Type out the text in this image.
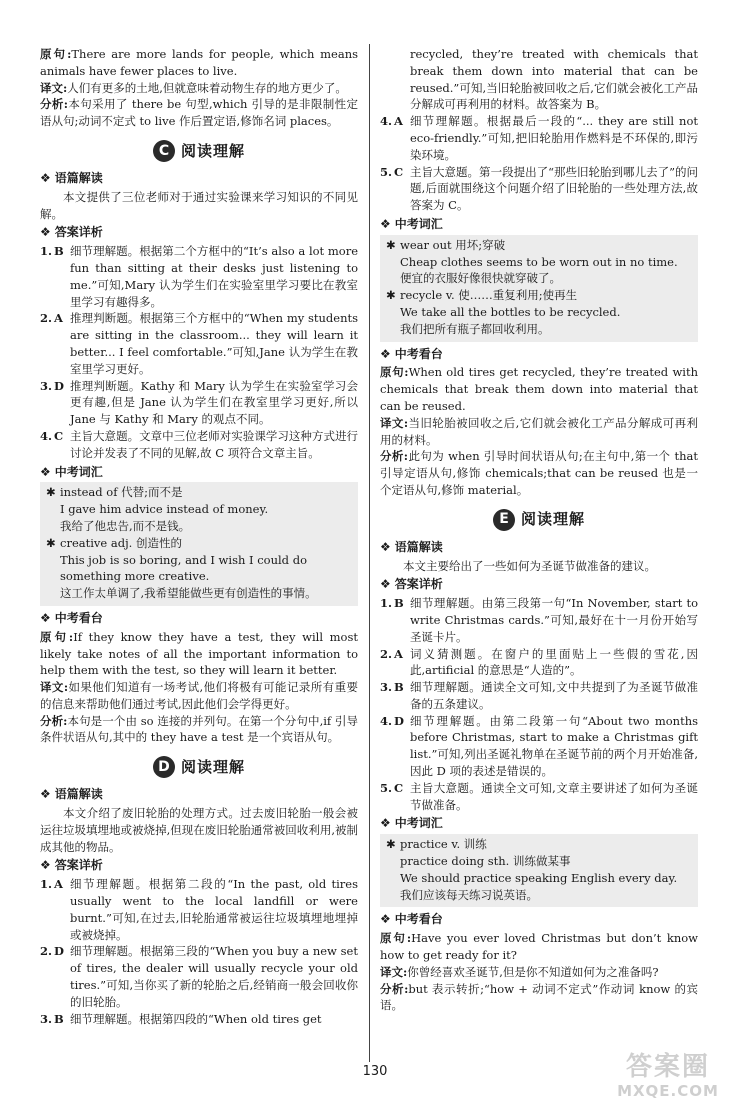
原句:There are more lands for people, which means animals have fewer places to live.

译文:人们有更多的土地,但就意味着动物生存的地方更少了。

分析:本句采用了 there be 句型,which 引导的是非限制性定语从句;动词不定式 to live 作后置定语,修饰名词 places。

C 阅读理解
❖ 语篇解读

本文提供了三位老师对于通过实验课来学习知识的不同见解。

❖ 答案详析
1. B 细节理解题。根据第二个方框中的“It’s also a lot more fun than sitting at their desks just listening to me.”可知,Mary 认为学生们在实验室里学习要比在教室里学习有趣得多。
2. A 推理判断题。根据第三个方框中的“When my students are sitting in the classroom... they will learn it better... I feel comfortable.”可知,Jane 认为学生在教室里学习更好。
3. D 推理判断题。Kathy 和 Mary 认为学生在实验室学习会更有趣,但是 Jane 认为学生们在教室里学习更好,所以 Jane 与 Kathy 和 Mary 的观点不同。
4. C 主旨大意题。文章中三位老师对实验课学习这种方式进行讨论并发表了不同的见解,故 C 项符合文章主旨。
❖ 中考词汇
✱ instead of 代替;而不是

I gave him advice instead of money.

我给了他忠告,而不是钱。

✱ creative adj. 创造性的

This job is so boring, and I wish I could do something more creative.

这工作太单调了,我希望能做些更有创造性的事情。

❖ 中考看台

原句:If they know they have a test, they will most likely take notes of all the important information to help them with the test, so they will learn it better.

译文:如果他们知道有一场考试,他们将极有可能记录所有重要的信息来帮助他们通过考试,因此他们会学得更好。

分析:本句是一个由 so 连接的并列句。在第一个分句中,if 引导条件状语从句,其中的 they have a test 是一个宾语从句。

D 阅读理解
❖ 语篇解读

本文介绍了废旧轮胎的处理方式。过去废旧轮胎一般会被运往垃圾填埋地或被烧掉,但现在废旧轮胎通常被回收利用,被制成其他的物品。

❖ 答案详析
1. A 细节理解题。根据第二段的“In the past, old tires usually went to the local landfill or were burnt.”可知,在过去,旧轮胎通常被运往垃圾填埋地埋掉或被烧掉。
2. D 细节理解题。根据第三段的“When you buy a new set of tires, the dealer will usually recycle your old tires.”可知,当你买了新的轮胎之后,经销商一般会回收你的旧轮胎。
3. B 细节理解题。根据第四段的“When old tires get

recycled, they’re treated with chemicals that break them down into material that can be reused.”可知,当旧轮胎被回收之后,它们就会被化工产品分解成可再利用的材料。故答案为 B。

4. A 细节理解题。根据最后一段的“... they are still not eco-friendly.”可知,把旧轮胎用作燃料是不环保的,即污染环境。
5. C 主旨大意题。第一段提出了“那些旧轮胎到哪儿去了”的问题,后面就围绕这个问题介绍了旧轮胎的一些处理方法,故答案为 C。
❖ 中考词汇
✱ wear out 用坏;穿破

Cheap clothes seems to be worn out in no time.

便宜的衣服好像很快就穿破了。

✱ recycle v. 使……重复利用;使再生

We take all the bottles to be recycled.

我们把所有瓶子都回收利用。

❖ 中考看台

原句:When old tires get recycled, they’re treated with chemicals that break them down into material that can be reused.

译文:当旧轮胎被回收之后,它们就会被化工产品分解成可再利用的材料。

分析:此句为 when 引导时间状语从句;在主句中,第一个 that 引导定语从句,修饰 chemicals;that can be reused 也是一个定语从句,修饰 material。

E 阅读理解
❖ 语篇解读

本文主要给出了一些如何为圣诞节做准备的建议。

❖ 答案详析
1. B 细节理解题。由第三段第一句“In November, start to write Christmas cards.”可知,最好在十一月份开始写圣诞卡片。
2. A 词义猜测题。在窗户的里面贴上一些假的雪花,因此,artificial 的意思是“人造的”。
3. B 细节理解题。通读全文可知,文中共提到了为圣诞节做准备的五条建议。
4. D 细节理解题。由第二段第一句“About two months before Christmas, start to make a Christmas gift list.”可知,列出圣诞礼物单在圣诞节前的两个月开始准备,因此 D 项的表述是错误的。
5. C 主旨大意题。通读全文可知,文章主要讲述了如何为圣诞节做准备。
❖ 中考词汇
✱ practice v. 训练

practice doing sth. 训练做某事

We should practice speaking English every day.

我们应该每天练习说英语。

❖ 中考看台

原句:Have you ever loved Christmas but don’t know how to get ready for it?

译文:你曾经喜欢圣诞节,但是你不知道如何为之准备吗?

分析:but 表示转折;“how + 动词不定式”作动词 know 的宾语。

130	答案圈
MXQE.COM
